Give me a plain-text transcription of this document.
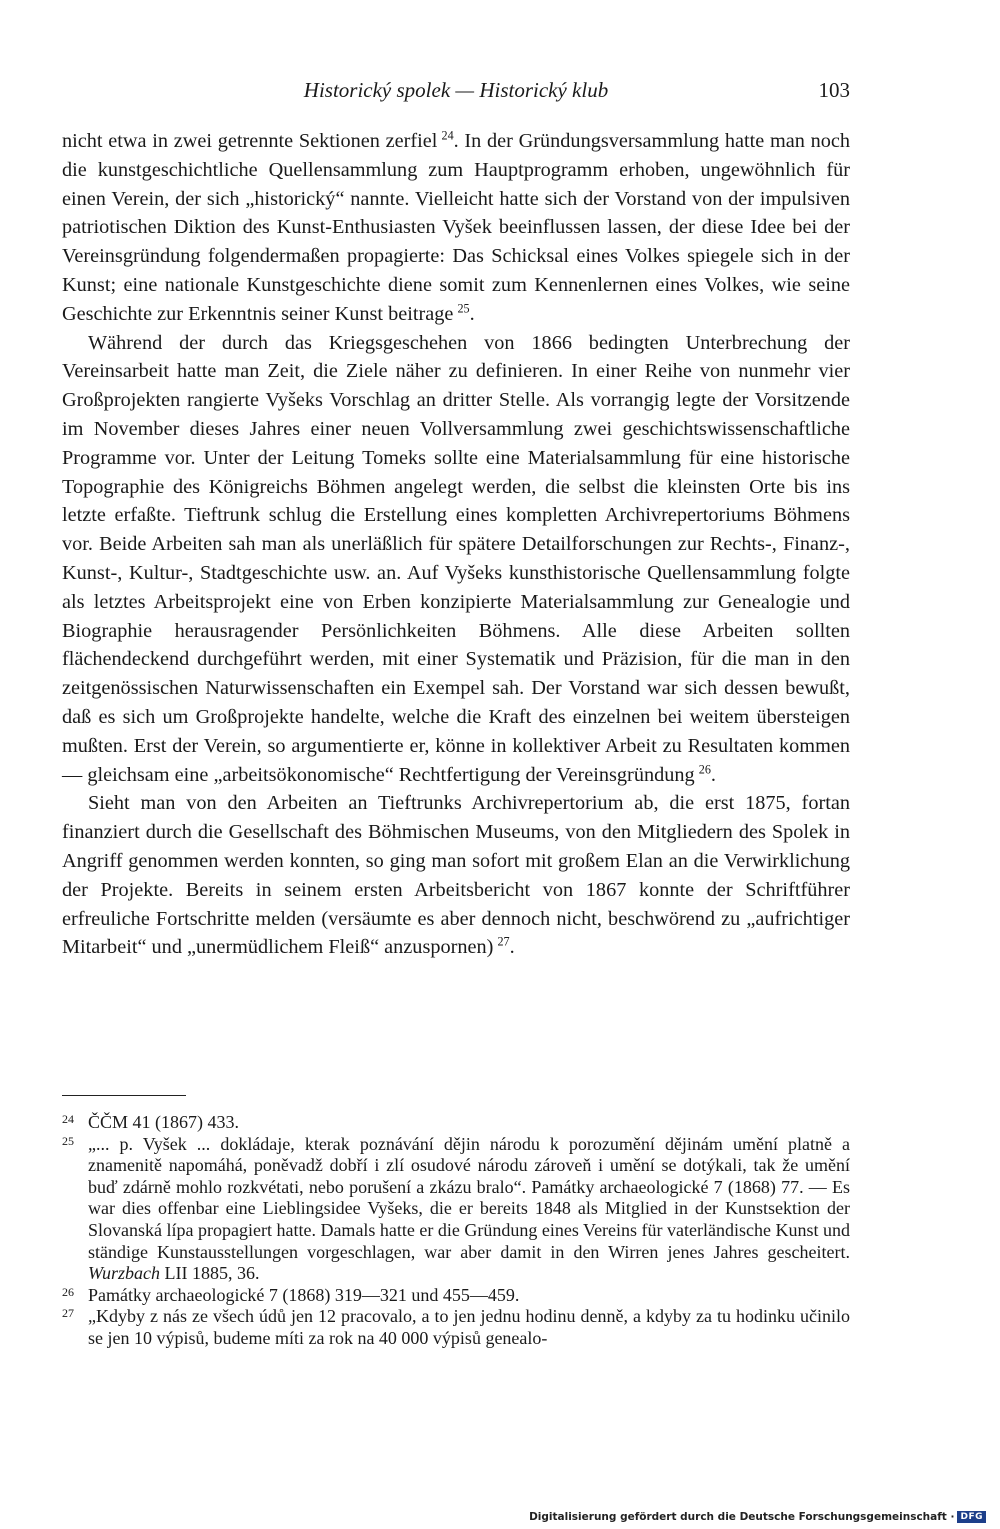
Historický spolek — Historický klub	103

nicht etwa in zwei getrennte Sektionen zerfiel  $^{24}$. In der Gründungsversammlung hatte man noch die kunstgeschichtliche Quellensammlung zum Hauptprogramm erhoben, ungewöhnlich für einen Verein, der sich „historický“ nannte. Vielleicht hatte sich der Vorstand von der impulsiven patriotischen Diktion des Kunst-Enthusiasten Vyšek beeinflussen lassen, der diese Idee bei der Vereinsgründung folgendermaßen propagierte: Das Schicksal eines Volkes spiegele sich in der Kunst; eine nationale Kunstgeschichte diene somit zum Kennenlernen eines Volkes, wie seine Geschichte zur Erkenntnis seiner Kunst beitrage  $^{25}$.

Während der durch das Kriegsgeschehen von 1866 bedingten Unterbrechung der Vereinsarbeit hatte man Zeit, die Ziele näher zu definieren. In einer Reihe von nunmehr vier Großprojekten rangierte Vyšeks Vorschlag an dritter Stelle. Als vorrangig legte der Vorsitzende im November dieses Jahres einer neuen Vollversammlung zwei geschichtswissenschaftliche Programme vor. Unter der Leitung Tomeks sollte eine Materialsammlung für eine historische Topographie des Königreichs Böhmen angelegt werden, die selbst die kleinsten Orte bis ins letzte erfaßte. Tieftrunk schlug die Erstellung eines kompletten Archivrepertoriums Böhmens vor. Beide Arbeiten sah man als unerläßlich für spätere Detailforschungen zur Rechts-, Finanz-, Kunst-, Kultur-, Stadtgeschichte usw. an. Auf Vyšeks kunsthistorische Quellensammlung folgte als letztes Arbeitsprojekt eine von Erben konzipierte Materialsammlung zur Genealogie und Biographie herausragender Persönlichkeiten Böhmens. Alle diese Arbeiten sollten flächendeckend durchgeführt werden, mit einer Systematik und Präzision, für die man in den zeitgenössischen Naturwissenschaften ein Exempel sah. Der Vorstand war sich dessen bewußt, daß es sich um Großprojekte handelte, welche die Kraft des einzelnen bei weitem übersteigen mußten. Erst der Verein, so argumentierte er, könne in kollektiver Arbeit zu Resultaten kommen — gleichsam eine „arbeitsökonomische“ Rechtfertigung der Vereinsgründung  $^{26}$.

Sieht man von den Arbeiten an Tieftrunks Archivrepertorium ab, die erst 1875, fortan finanziert durch die Gesellschaft des Böhmischen Museums, von den Mitgliedern des Spolek in Angriff genommen werden konnten, so ging man sofort mit großem Elan an die Verwirklichung der Projekte. Bereits in seinem ersten Arbeitsbericht von 1867 konnte der Schriftführer erfreuliche Fortschritte melden (versäumte es aber dennoch nicht, beschwörend zu „aufrichtiger Mitarbeit“ und „unermüdlichem Fleiß“ anzuspornen)  $^{27}$.

24 ČČM 41 (1867) 433.

25 „... p. Vyšek ... dokládaje, kterak poznávání dějin národu k porozumění dějinám umění platně a znamenitě napomáhá, poněvadž dobří i zlí osudové národu zároveň i umění se dotýkali, tak že umění buď zdárně mohlo rozkvétati, nebo porušení a zkázu bralo“. Památky archaeologické 7 (1868) 77. — Es war dies offenbar eine Lieblingsidee Vyšeks, die er bereits 1848 als Mitglied in der Kunstsektion der Slovanská lípa propagiert hatte. Damals hatte er die Gründung eines Vereins für vaterländische Kunst und ständige Kunstausstellungen vorgeschlagen, war aber damit in den Wirren jenes Jahres gescheitert. Wurzbach LII 1885, 36.

26 Památky archaeologické 7 (1868) 319—321 und 455—459.

27 „Kdyby z nás ze všech údů jen 12 pracovalo, a to jen jednu hodinu denně, a kdyby za tu hodinku učinilo se jen 10 výpisů, budeme míti za rok na 40 000 výpisů genealo-

Digitalisierung gefördert durch die Deutsche Forschungsgemeinschaft · DFG
